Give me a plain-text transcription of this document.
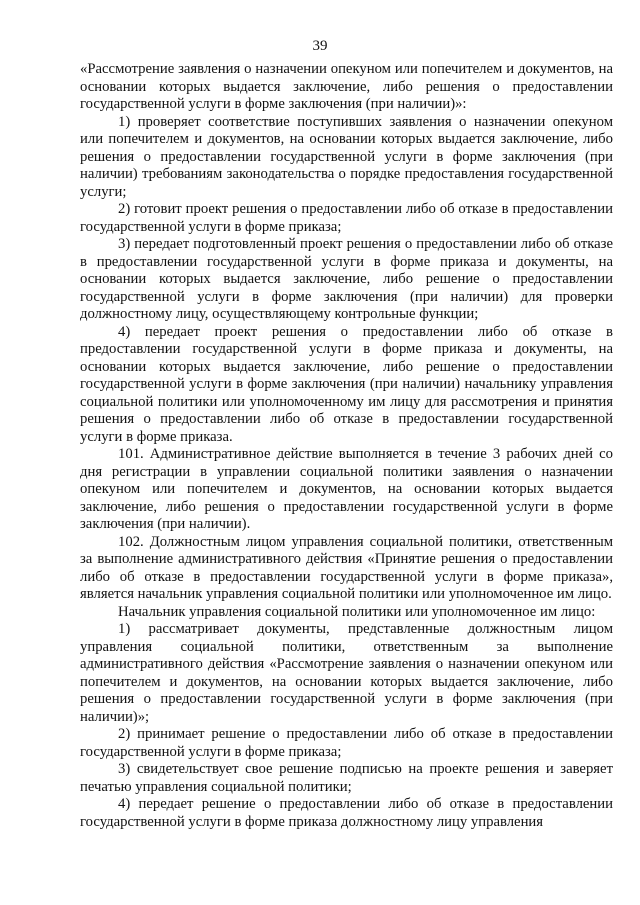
39

«Рассмотрение заявления о назначении опекуном или попечителем и документов, на основании которых выдается заключение, либо решения о предоставлении государственной услуги в форме заключения (при наличии)»:

1) проверяет соответствие поступивших заявления о назначении опекуном или попечителем и документов, на основании которых выдается заключение, либо решения о предоставлении государственной услуги в форме заключения (при наличии) требованиям законодательства о порядке предоставления государственной услуги;

2) готовит проект решения о предоставлении либо об отказе в предоставлении государственной услуги в форме приказа;

3) передает подготовленный проект решения о предоставлении либо об отказе в предоставлении государственной услуги в форме приказа и документы, на основании которых выдается заключение, либо решение о предоставлении государственной услуги в форме заключения (при наличии) для проверки должностному лицу, осуществляющему контрольные функции;

4) передает проект решения о предоставлении либо об отказе в предоставлении государственной услуги в форме приказа и документы, на основании которых выдается заключение, либо решение о предоставлении государственной услуги в форме заключения (при наличии) начальнику управления социальной политики или уполномоченному им лицу для рассмотрения и принятия решения о предоставлении либо об отказе в предоставлении государственной услуги в форме приказа.

101. Административное действие выполняется в течение 3 рабочих дней со дня регистрации в управлении социальной политики заявления о назначении опекуном или попечителем и документов, на основании которых выдается заключение, либо решения о предоставлении государственной услуги в форме заключения (при наличии).

102. Должностным лицом управления социальной политики, ответственным за выполнение административного действия «Принятие решения о предоставлении либо об отказе в предоставлении государственной услуги в форме приказа», является начальник управления социальной политики или уполномоченное им лицо.

Начальник управления социальной политики или уполномоченное им лицо:

1) рассматривает документы, представленные должностным лицом управления социальной политики, ответственным за выполнение административного действия «Рассмотрение заявления о назначении опекуном или попечителем и документов, на основании которых выдается заключение, либо решения о предоставлении государственной услуги в форме заключения (при наличии)»;

2) принимает решение о предоставлении либо об отказе в предоставлении государственной услуги в форме приказа;

3) свидетельствует свое решение подписью на проекте решения и заверяет печатью управления социальной политики;

4) передает решение о предоставлении либо об отказе в предоставлении государственной услуги в форме приказа должностному лицу управления
